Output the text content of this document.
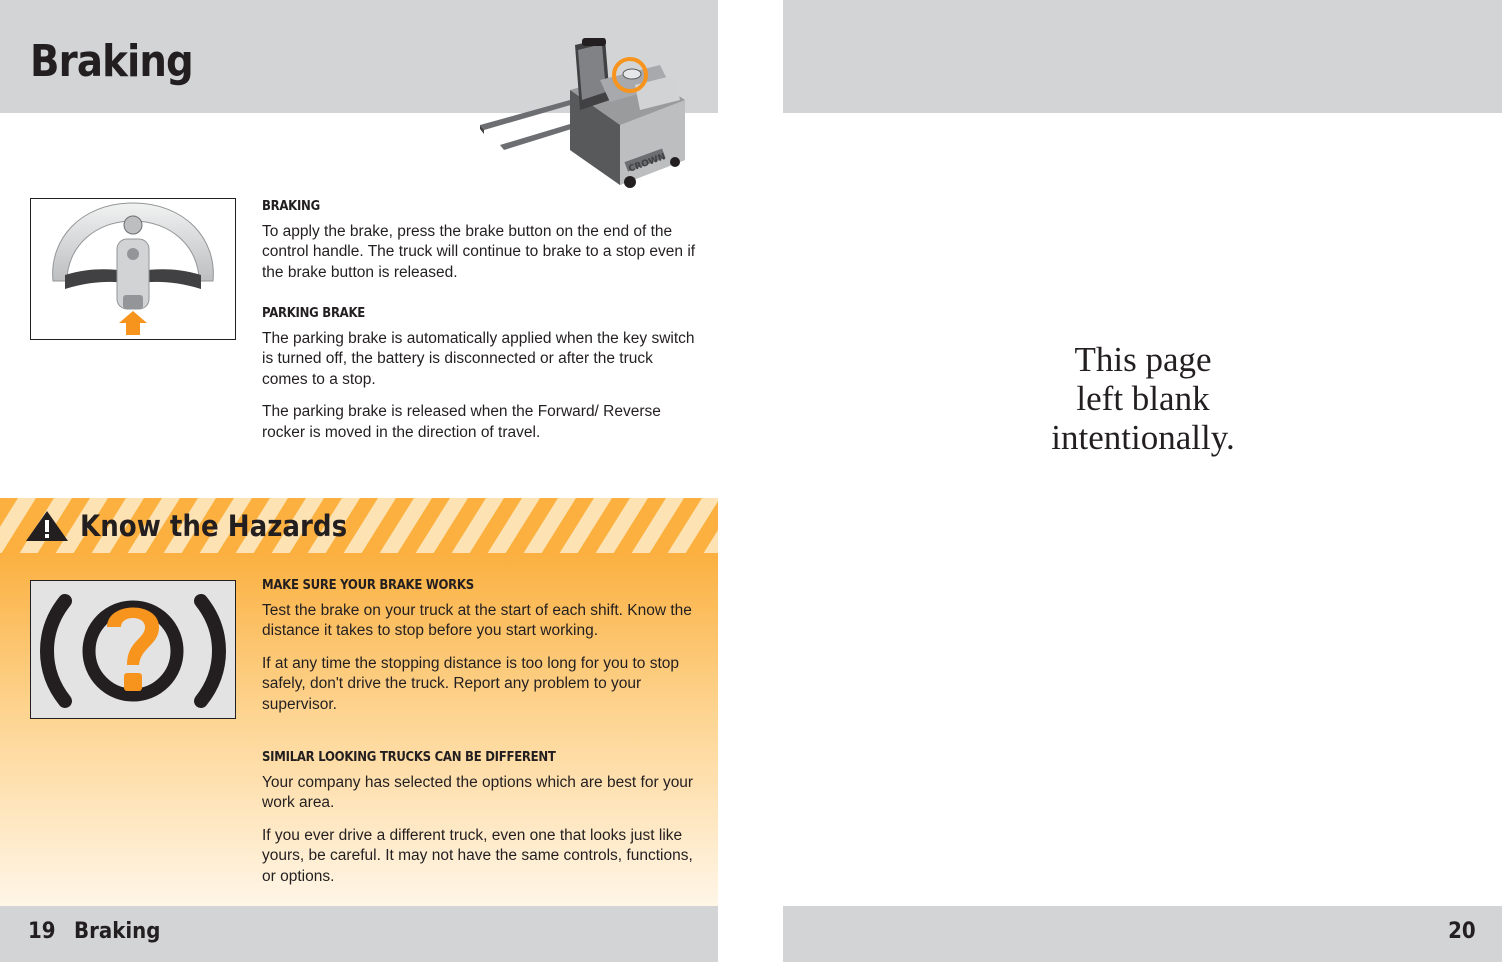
Braking
CROWN
BRAKING

To apply the brake, press the brake button on the end of the control handle. The truck will continue to brake to a stop even if the brake button is released.

PARKING BRAKE

The parking brake is automatically applied when the key switch is turned off, the battery is disconnected or after the truck comes to a stop.

The parking brake is released when the Forward/ Reverse rocker is moved in the direction of travel.

Know the Hazards
MAKE SURE YOUR BRAKE WORKS

Test the brake on your truck at the start of each shift. Know the distance it takes to stop before you start working.

If at any time the stopping distance is too long for you to stop safely, don't drive the truck. Report any problem to your supervisor.

SIMILAR LOOKING TRUCKS CAN BE DIFFERENT

Your company has selected the options which are best for your work area.

If you ever drive a different truck, even one that looks just like yours, be careful. It may not have the same controls, functions, or options.

19 Braking
This page
left blank
intentionally.
20
